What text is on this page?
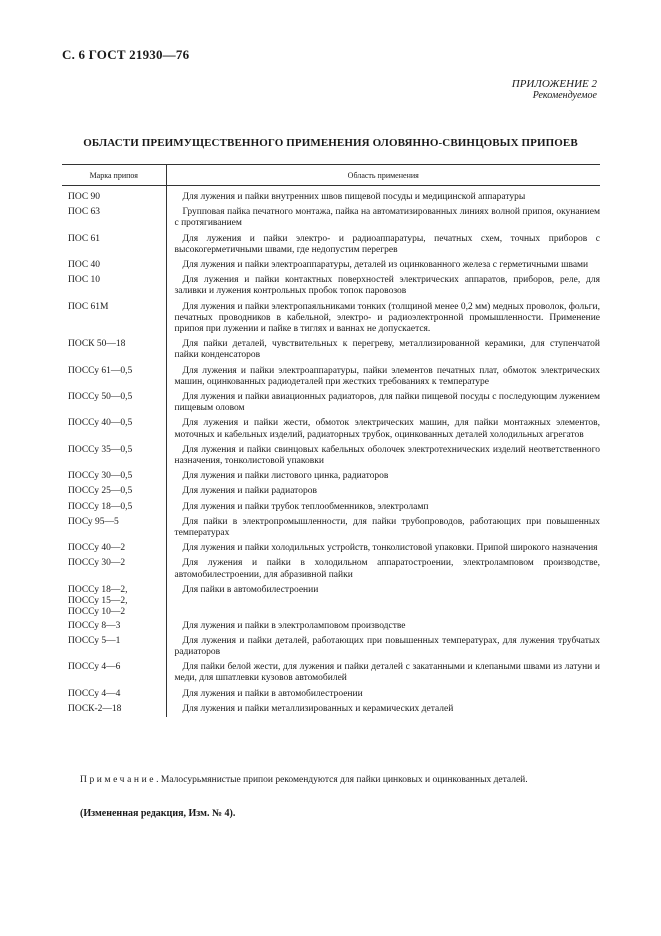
С. 6 ГОСТ 21930—76
ПРИЛОЖЕНИЕ 2
Рекомендуемое
ОБЛАСТИ ПРЕИМУЩЕСТВЕННОГО ПРИМЕНЕНИЯ ОЛОВЯННО-СВИНЦОВЫХ ПРИПОЕВ
Марка припоя	Область применения
ПОС 90	Для лужения и пайки внутренних швов пищевой посуды и медицинской аппаратуры
ПОС 63	Групповая пайка печатного монтажа, пайка на автоматизированных линиях волной припоя, окунанием с протягиванием
ПОС 61	Для лужения и пайки электро- и радиоаппаратуры, печатных схем, точных приборов с высокогерметичными швами, где недопустим перегрев
ПОС 40	Для лужения и пайки электроаппаратуры, деталей из оцинкованного железа с герметичными швами
ПОС 10	Для лужения и пайки контактных поверхностей электрических аппаратов, приборов, реле, для заливки и лужения контрольных пробок топок паровозов
ПОС 61М	Для лужения и пайки электропаяльниками тонких (толщиной менее 0,2 мм) медных проволок, фольги, печатных проводников в кабельной, электро- и радиоэлектронной промышленности. Применение припоя при лужении и пайке в тиглях и ваннах не допускается.
ПОСК 50—18	Для пайки деталей, чувствительных к перегреву, металлизированной керамики, для ступенчатой пайки конденсаторов
ПОССу 61—0,5	Для лужения и пайки электроаппаратуры, пайки элементов печатных плат, обмоток электрических машин, оцинкованных радиодеталей при жестких требованиях к температуре
ПОССу 50—0,5	Для лужения и пайки авиационных радиаторов, для пайки пищевой посуды с последующим лужением пищевым оловом
ПОССу 40—0,5	Для лужения и пайки жести, обмоток электрических машин, для пайки монтажных элементов, моточных и кабельных изделий, радиаторных трубок, оцинкованных деталей холодильных агрегатов
ПОССу 35—0,5	Для лужения и пайки свинцовых кабельных оболочек электротехнических изделий неответственного назначения, тонколистовой упаковки
ПОССу 30—0,5	Для лужения и пайки листового цинка, радиаторов
ПОССу 25—0,5	Для лужения и пайки радиаторов
ПОССу 18—0,5	Для лужения и пайки трубок теплообменников, электроламп
ПОСу 95—5	Для пайки в электропромышленности, для пайки трубопроводов, работающих при повышенных температурах
ПОССу 40—2	Для лужения и пайки холодильных устройств, тонколистовой упаковки. Припой широкого назначения
ПОССу 30—2	Для лужения и пайки в холодильном аппаратостроении, электроламповом производстве, автомобилестроении, для абразивной пайки
ПОССу 18—2,
ПОССу 15—2,
ПОССу 10—2	Для пайки в автомобилестроении
ПОССу 8—3	Для лужения и пайки в электроламповом производстве
ПОССу 5—1	Для лужения и пайки деталей, работающих при повышенных температурах, для лужения трубчатых радиаторов
ПОССу 4—6	Для пайки белой жести, для лужения и пайки деталей с закатанными и клепаными швами из латуни и меди, для шпатлевки кузовов автомобилей
ПОССу 4—4	Для лужения и пайки в автомобилестроении
ПОСК-2—18	Для лужения и пайки металлизированных и керамических деталей
Примечание. Малосурьмянистые припои рекомендуются для пайки цинковых и оцинкованных деталей.
(Измененная редакция, Изм. № 4).
